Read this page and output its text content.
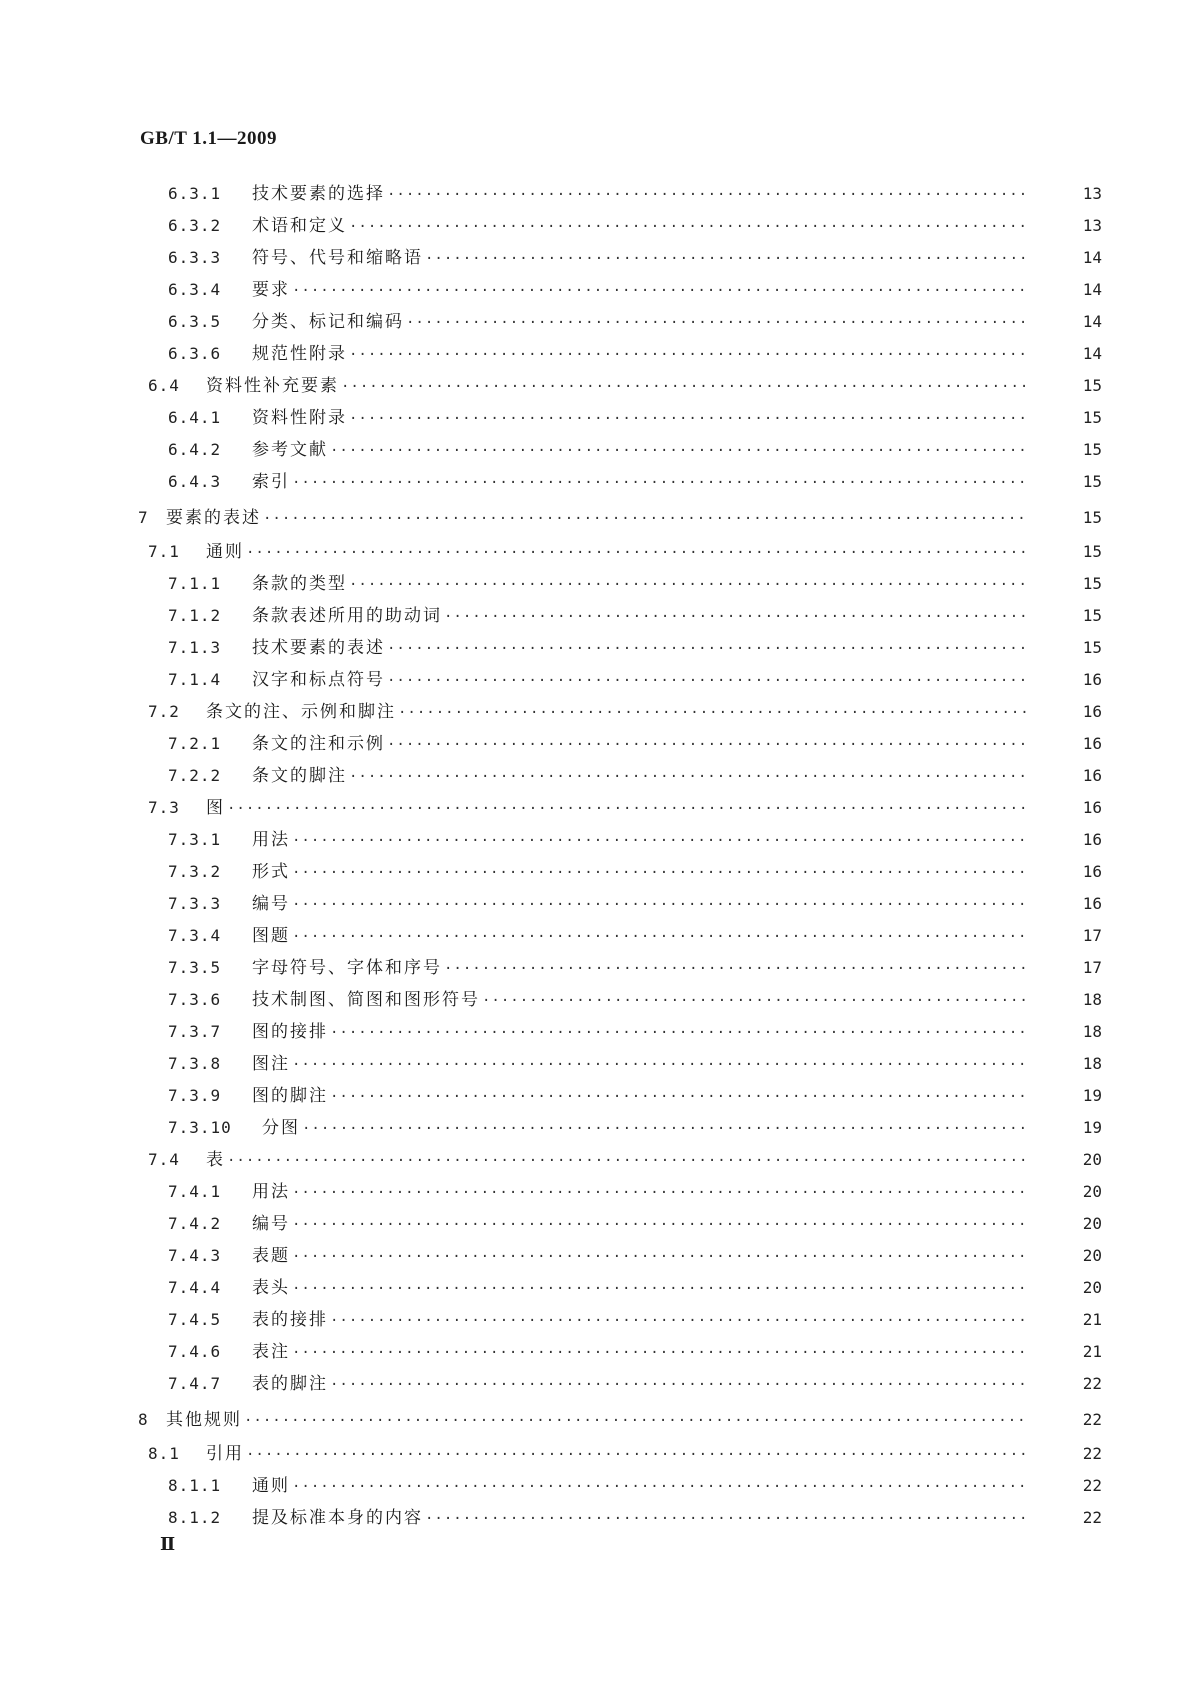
GB/T 1.1—2009
6.3.1 技术要素的选择 ·····	13
6.3.2 术语和定义 ·····	13
6.3.3 符号、代号和缩略语 ·····	14
6.3.4 要求 ·····	14
6.3.5 分类、标记和编码 ·····	14
6.3.6 规范性附录 ·····	14
6.4 资料性补充要素 ·····	15
6.4.1 资料性附录 ·····	15
6.4.2 参考文献 ·····	15
6.4.3 索引 ·····	15
7 要素的表述 ·····	15
7.1 通则 ·····	15
7.1.1 条款的类型 ·····	15
7.1.2 条款表述所用的助动词 ·····	15
7.1.3 技术要素的表述 ·····	15
7.1.4 汉字和标点符号 ·····	16
7.2 条文的注、示例和脚注 ·····	16
7.2.1 条文的注和示例 ·····	16
7.2.2 条文的脚注 ·····	16
7.3 图 ·····	16
7.3.1 用法 ·····	16
7.3.2 形式 ·····	16
7.3.3 编号 ·····	16
7.3.4 图题 ·····	17
7.3.5 字母符号、字体和序号 ·····	17
7.3.6 技术制图、简图和图形符号 ·····	18
7.3.7 图的接排 ·····	18
7.3.8 图注 ·····	18
7.3.9 图的脚注 ·····	19
7.3.10 分图 ·····	19
7.4 表 ·····	20
7.4.1 用法 ·····	20
7.4.2 编号 ·····	20
7.4.3 表题 ·····	20
7.4.4 表头 ·····	20
7.4.5 表的接排 ·····	21
7.4.6 表注 ·····	21
7.4.7 表的脚注 ·····	22
8 其他规则 ·····	22
8.1 引用 ·····	22
8.1.1 通则 ·····	22
8.1.2 提及标准本身的内容 ·····	22
Ⅱ
